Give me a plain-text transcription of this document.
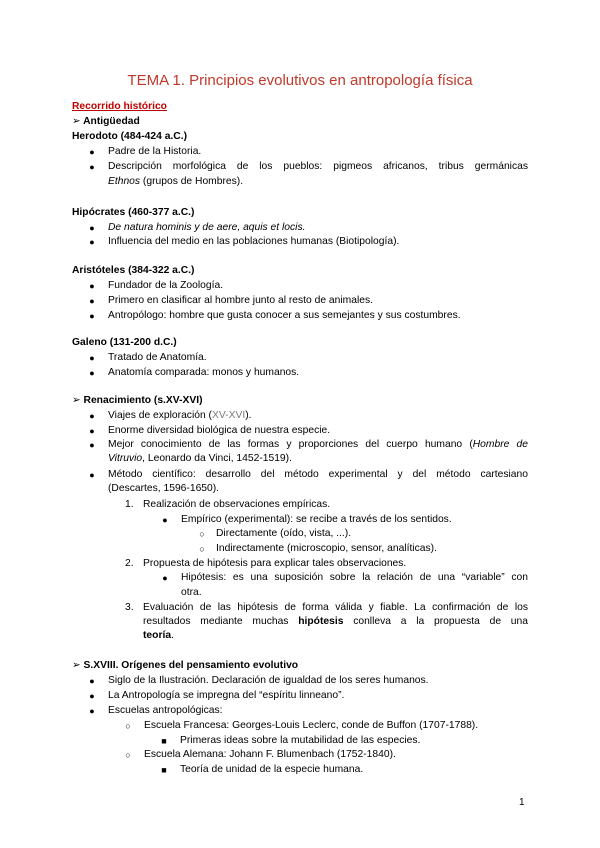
TEMA 1. Principios evolutivos en antropología física
Recorrido histórico
➢ Antigüedad
Herodoto (484-424 a.C.)
●	Padre de la Historia.
●	Descripción morfológica de los pueblos: pigmeos africanos, tribus germánicas
Ethnos (grupos de Hombres).
Hipócrates (460-377 a.C.)
●	De natura hominis y de aere, aquis et locis.
●	Influencia del medio en las poblaciones humanas (Biotipología).
Aristóteles (384-322 a.C.)
●	Fundador de la Zoología.
●	Primero en clasificar al hombre junto al resto de animales.
●	Antropólogo: hombre que gusta conocer a sus semejantes y sus costumbres.
Galeno (131-200 d.C.)
●	Tratado de Anatomía.
●	Anatomía comparada: monos y humanos.
➢ Renacimiento (s.XV-XVI)
●	Viajes de exploración (XV-XVI).
●	Enorme diversidad biológica de nuestra especie.
●	Mejor conocimiento de las formas y proporciones del cuerpo humano (Hombre de
Vitruvio, Leonardo da Vinci, 1452-1519).
●	Método científico: desarrollo del método experimental y del método cartesiano
(Descartes, 1596-1650).
1. Realización de observaciones empíricas.
●	Empírico (experimental): se recibe a través de los sentidos.
○	Directamente (oído, vista, ...).
○	Indirectamente (microscopio, sensor, analíticas).
2. Propuesta de hipótesis para explicar tales observaciones.
●	Hipótesis: es una suposición sobre la relación de una “variable” con
otra.
3. Evaluación de las hipótesis de forma válida y fiable. La confirmación de los
resultados mediante muchas hipótesis conlleva a la propuesta de una
teoría.
➢ S.XVIII. Orígenes del pensamiento evolutivo
●	Siglo de la Ilustración. Declaración de igualdad de los seres humanos.
●	La Antropología se impregna del “espíritu linneano”.
●	Escuelas antropológicas:
○	Escuela Francesa: Georges-Louis Leclerc, conde de Buffon (1707-1788).
■	Primeras ideas sobre la mutabilidad de las especies.
○	Escuela Alemana: Johann F. Blumenbach (1752-1840).
■	Teoría de unidad de la especie humana.
1
